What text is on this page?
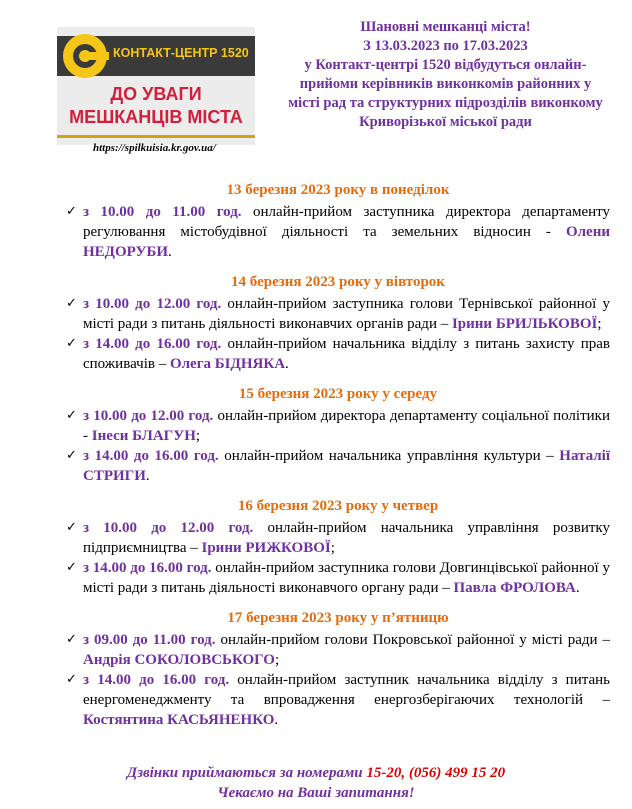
КОНТАКТ-ЦЕНТР 1520
ДО УВАГИ
МЕШКАНЦІВ МІСТА
https://spilkuisia.kr.gov.ua/

Шановні мешканці міста!

З 13.03.2023 по 17.03.2023

у Контакт-центрі 1520 відбудуться онлайн-прийоми керівників виконкомів районних у місті рад та структурних підрозділів виконкому Криворізької міської ради

13 березня 2023 року в понеділок
✓ з 10.00 до 11.00 год. онлайн-прийом заступника директора департаменту регулювання містобудівної діяльності та земельних відносин - Олени НЕДОРУБИ.
14 березня 2023 року у вівторок
✓ з 10.00 до 12.00 год. онлайн-прийом заступника голови Тернівської районної у місті ради з питань діяльності виконавчих органів ради – Ірини БРИЛЬКОВОЇ;
✓ з 14.00 до 16.00 год. онлайн-прийом начальника відділу з питань захисту прав споживачів – Олега БІДНЯКА.
15 березня 2023 року у середу
✓ з 10.00 до 12.00 год. онлайн-прийом директора департаменту соціальної політики - Інеси БЛАГУН;
✓ з 14.00 до 16.00 год. онлайн-прийом начальника управління культури – Наталії СТРИГИ.
16 березня 2023 року у четвер
✓ з 10.00 до 12.00 год. онлайн-прийом начальника управління розвитку підприємництва – Ірини РИЖКОВОЇ;
✓ з 14.00 до 16.00 год. онлайн-прийом заступника голови Довгинцівської районної у місті ради з питань діяльності виконавчого органу ради – Павла ФРОЛОВА.
17 березня 2023 року у п’ятницю
✓ з 09.00 до 11.00 год. онлайн-прийом голови Покровської районної у місті ради – Андрія СОКОЛОВСЬКОГО;
✓ з 14.00 до 16.00 год. онлайн-прийом заступник начальника відділу з питань енергоменеджменту та впровадження енергозберігаючих технологій – Костянтина КАСЬЯНЕНКО.
Дзвінки приймаються за номерами 15-20, (056) 499 15 20
Чекаємо на Ваші запитання!
